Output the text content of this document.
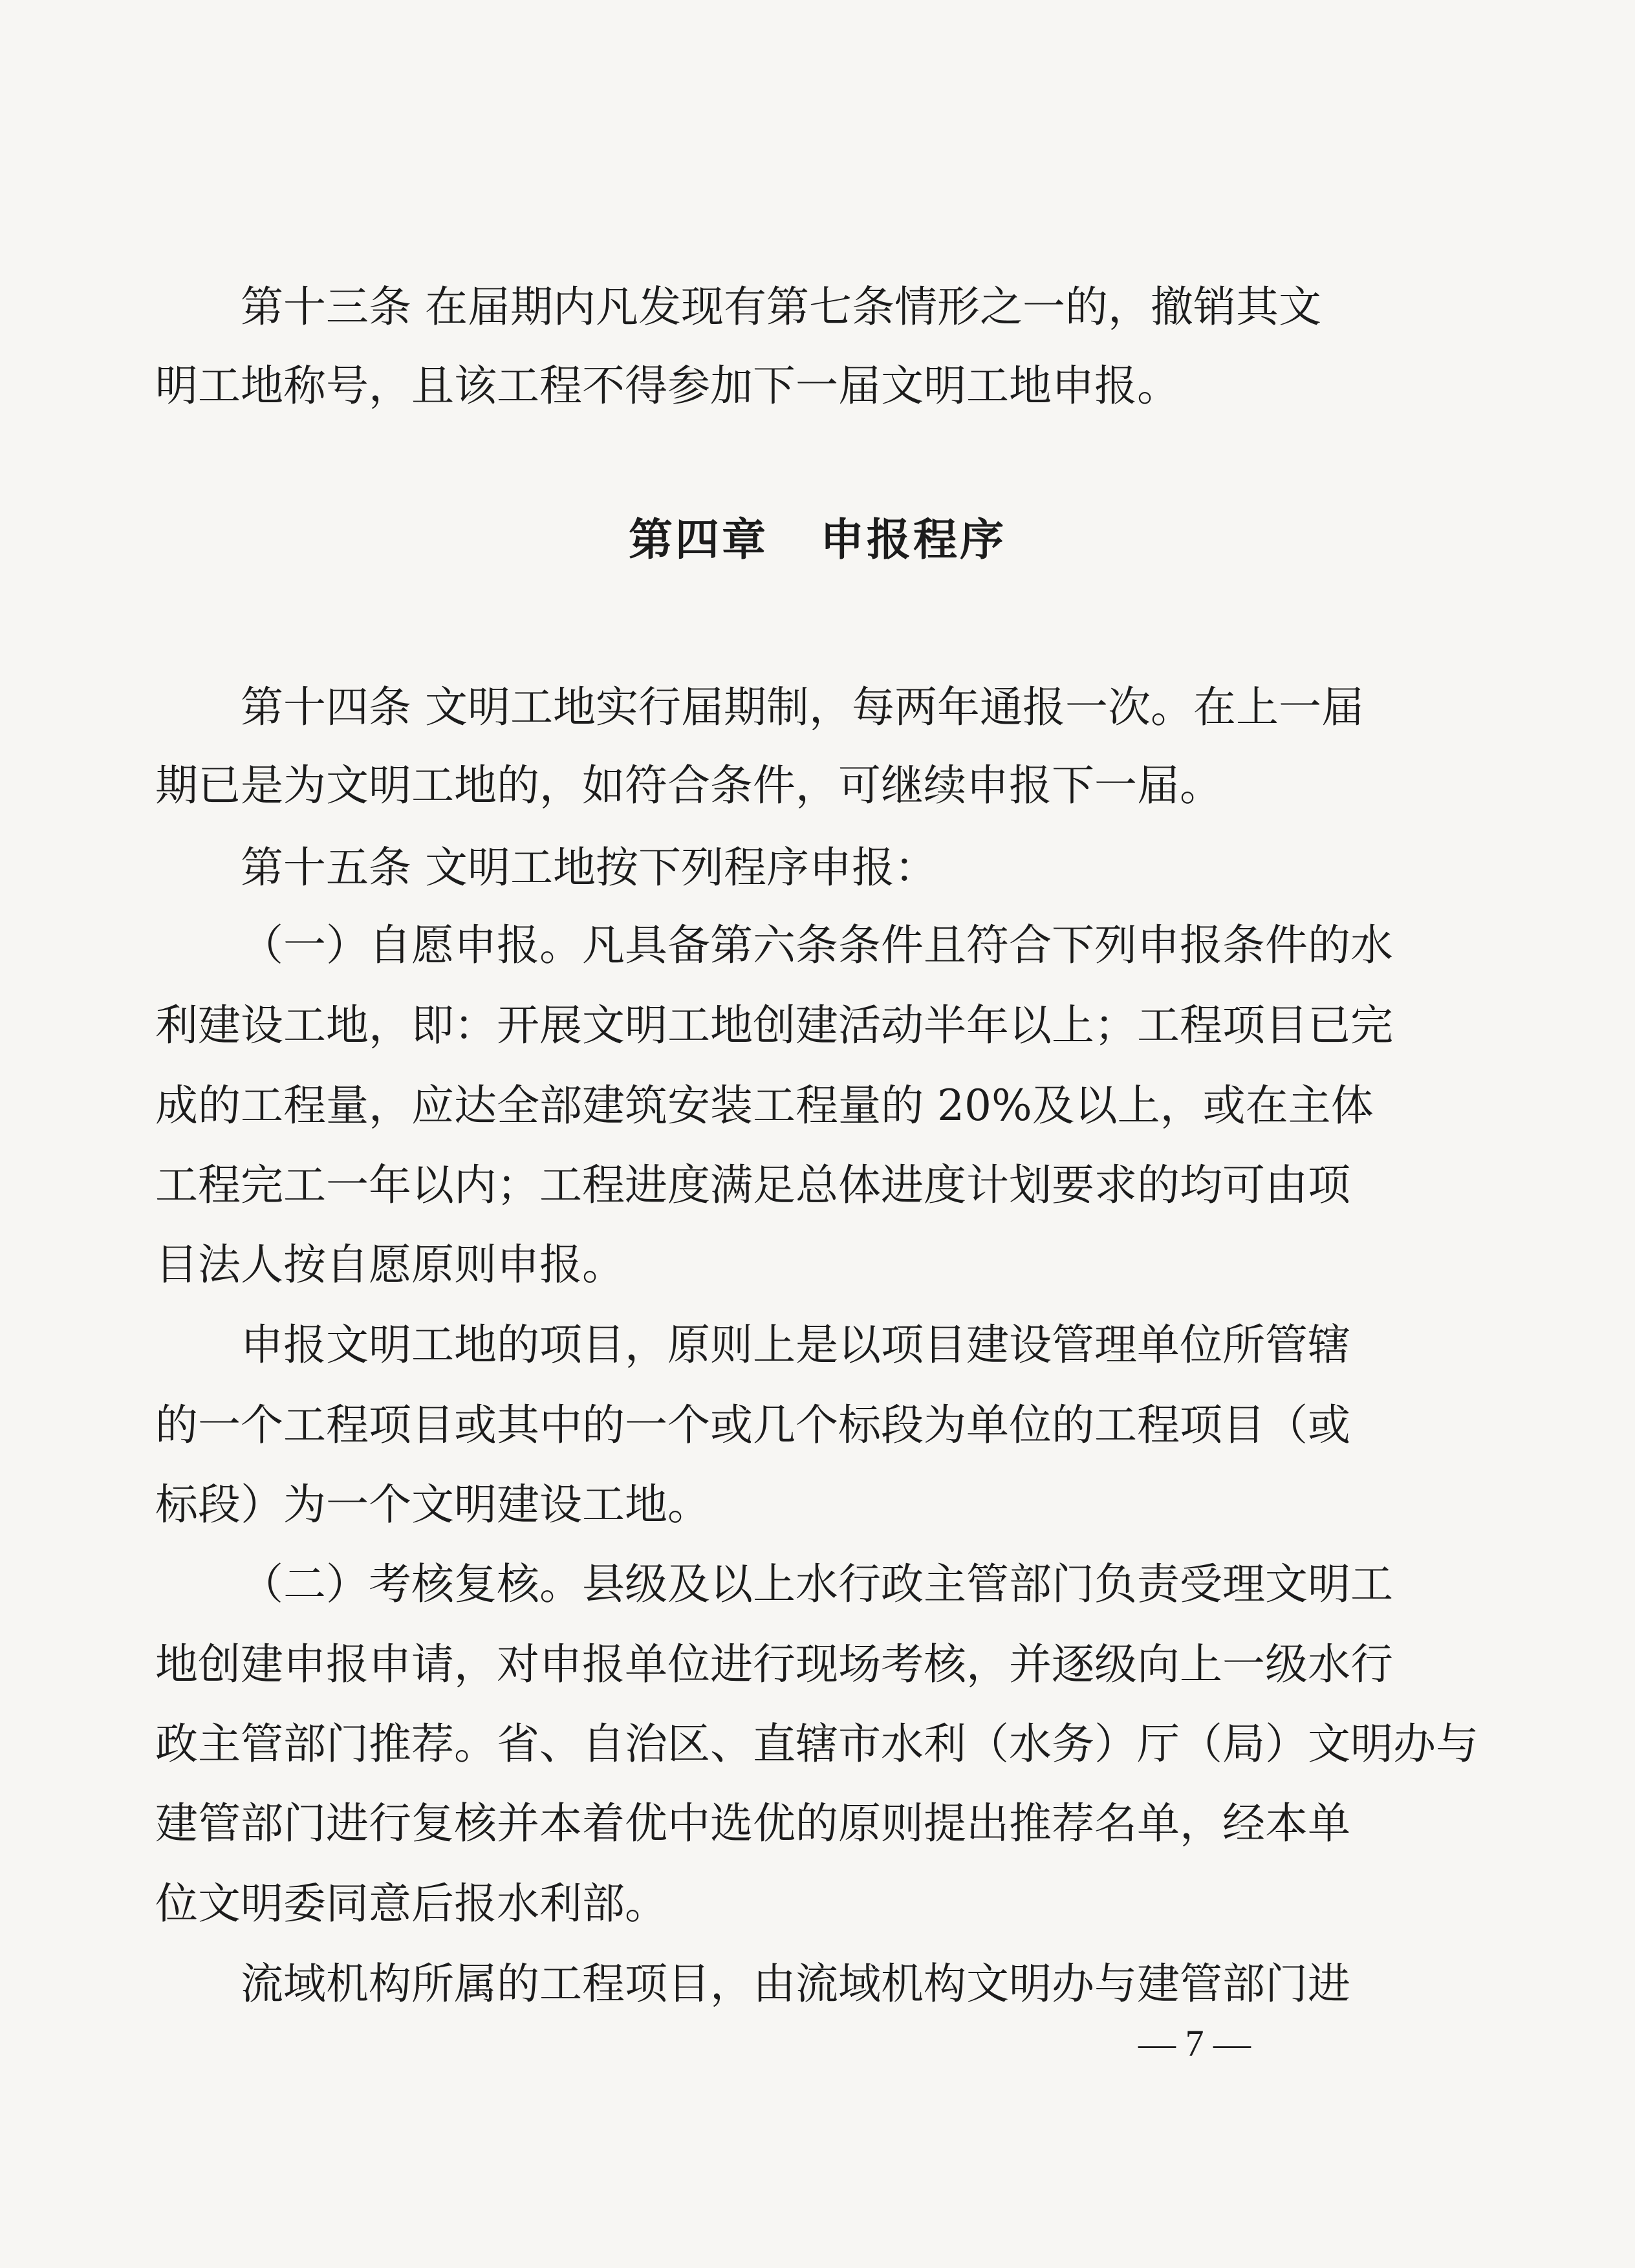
第十三条 在届期内凡发现有第七条情形之一的，撤销其文
明工地称号，且该工程不得参加下一届文明工地申报。
第四章 申报程序
第十四条 文明工地实行届期制，每两年通报一次。在上一届
期已是为文明工地的，如符合条件，可继续申报下一届。
第十五条 文明工地按下列程序申报：
（一）自愿申报。凡具备第六条条件且符合下列申报条件的水
利建设工地，即：开展文明工地创建活动半年以上；工程项目已完
成的工程量，应达全部建筑安装工程量的 20%及以上，或在主体
工程完工一年以内；工程进度满足总体进度计划要求的均可由项
目法人按自愿原则申报。
申报文明工地的项目，原则上是以项目建设管理单位所管辖
的一个工程项目或其中的一个或几个标段为单位的工程项目（或
标段）为一个文明建设工地。
（二）考核复核。县级及以上水行政主管部门负责受理文明工
地创建申报申请，对申报单位进行现场考核，并逐级向上一级水行
政主管部门推荐。省、自治区、直辖市水利（水务）厅（局）文明办与
建管部门进行复核并本着优中选优的原则提出推荐名单，经本单
位文明委同意后报水利部。
流域机构所属的工程项目，由流域机构文明办与建管部门进
— 7 —
